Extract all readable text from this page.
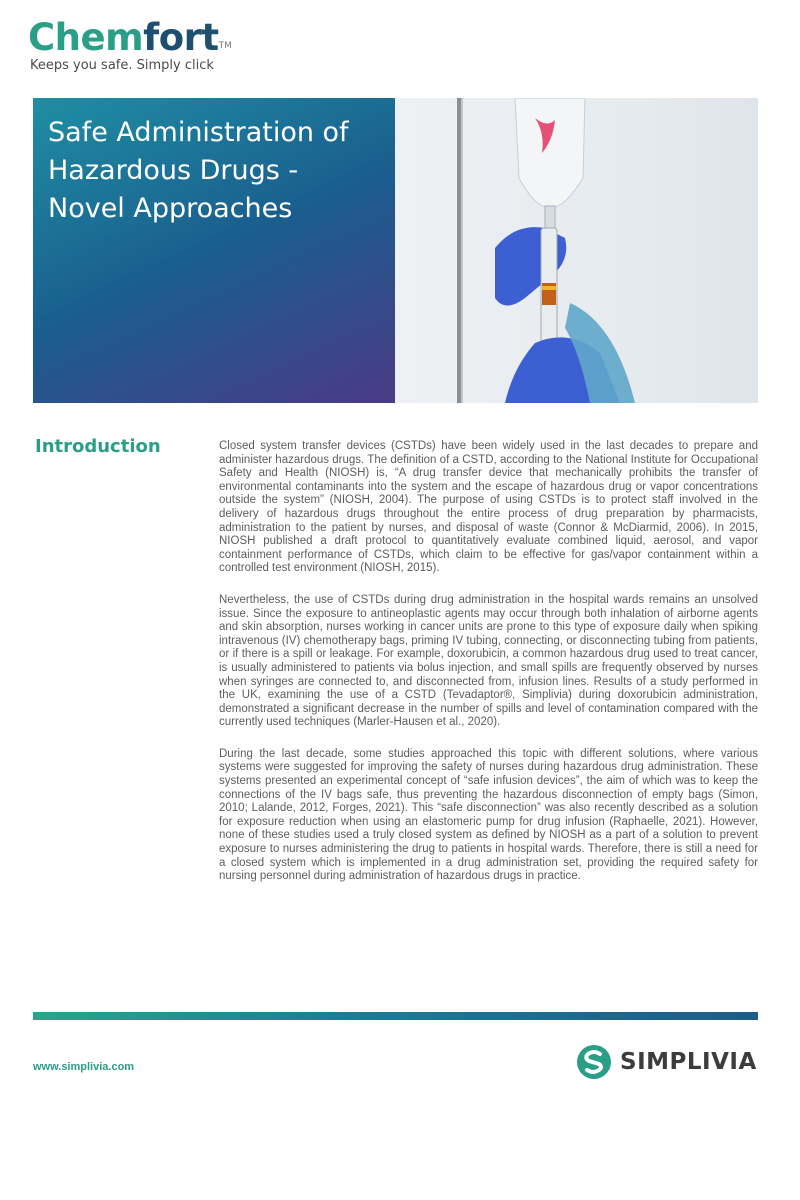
Chemfort™
Keeps you safe. Simply click
Safe Administration of Hazardous Drugs - Novel Approaches
Introduction	Closed system transfer devices (CSTDs) have been widely used in the last decades to prepare and administer hazardous drugs. The definition of a CSTD, according to the National Institute for Occupational Safety and Health (NIOSH) is, “A drug transfer device that mechanically prohibits the transfer of environmental contaminants into the system and the escape of hazardous drug or vapor concentrations outside the system” (NIOSH, 2004). The purpose of using CSTDs is to protect staff involved in the delivery of hazardous drugs throughout the entire process of drug preparation by pharmacists, administration to the patient by nurses, and disposal of waste (Connor & McDiarmid, 2006). In 2015, NIOSH published a draft protocol to quantitatively evaluate combined liquid, aerosol, and vapor containment performance of CSTDs, which claim to be effective for gas/vapor containment within a controlled test environment (NIOSH, 2015).

Nevertheless, the use of CSTDs during drug administration in the hospital wards remains an unsolved issue. Since the exposure to antineoplastic agents may occur through both inhalation of airborne agents and skin absorption, nurses working in cancer units are prone to this type of exposure daily when spiking intravenous (IV) chemotherapy bags, priming IV tubing, connecting, or disconnecting tubing from patients, or if there is a spill or leakage. For example, doxorubicin, a common hazardous drug used to treat cancer, is usually administered to patients via bolus injection, and small spills are frequently observed by nurses when syringes are connected to, and disconnected from, infusion lines. Results of a study performed in the UK, examining the use of a CSTD (Tevadaptor®, Simplivia) during doxorubicin administration, demonstrated a significant decrease in the number of spills and level of contamination compared with the currently used techniques (Marler-Hausen et al., 2020).

During the last decade, some studies approached this topic with different solutions, where various systems were suggested for improving the safety of nurses during hazardous drug administration. These systems presented an experimental concept of “safe infusion devices”, the aim of which was to keep the connections of the IV bags safe, thus preventing the hazardous disconnection of empty bags (Simon, 2010; Lalande, 2012, Forges, 2021). This “safe disconnection” was also recently described as a solution for exposure reduction when using an elastomeric pump for drug infusion (Raphaelle, 2021). However, none of these studies used a truly closed system as defined by NIOSH as a part of a solution to prevent exposure to nurses administering the drug to patients in hospital wards. Therefore, there is still a need for a closed system which is implemented in a drug administration set, providing the required safety for nursing personnel during administration of hazardous drugs in practice.

www.simplivia.com	SIMPLIVIA
